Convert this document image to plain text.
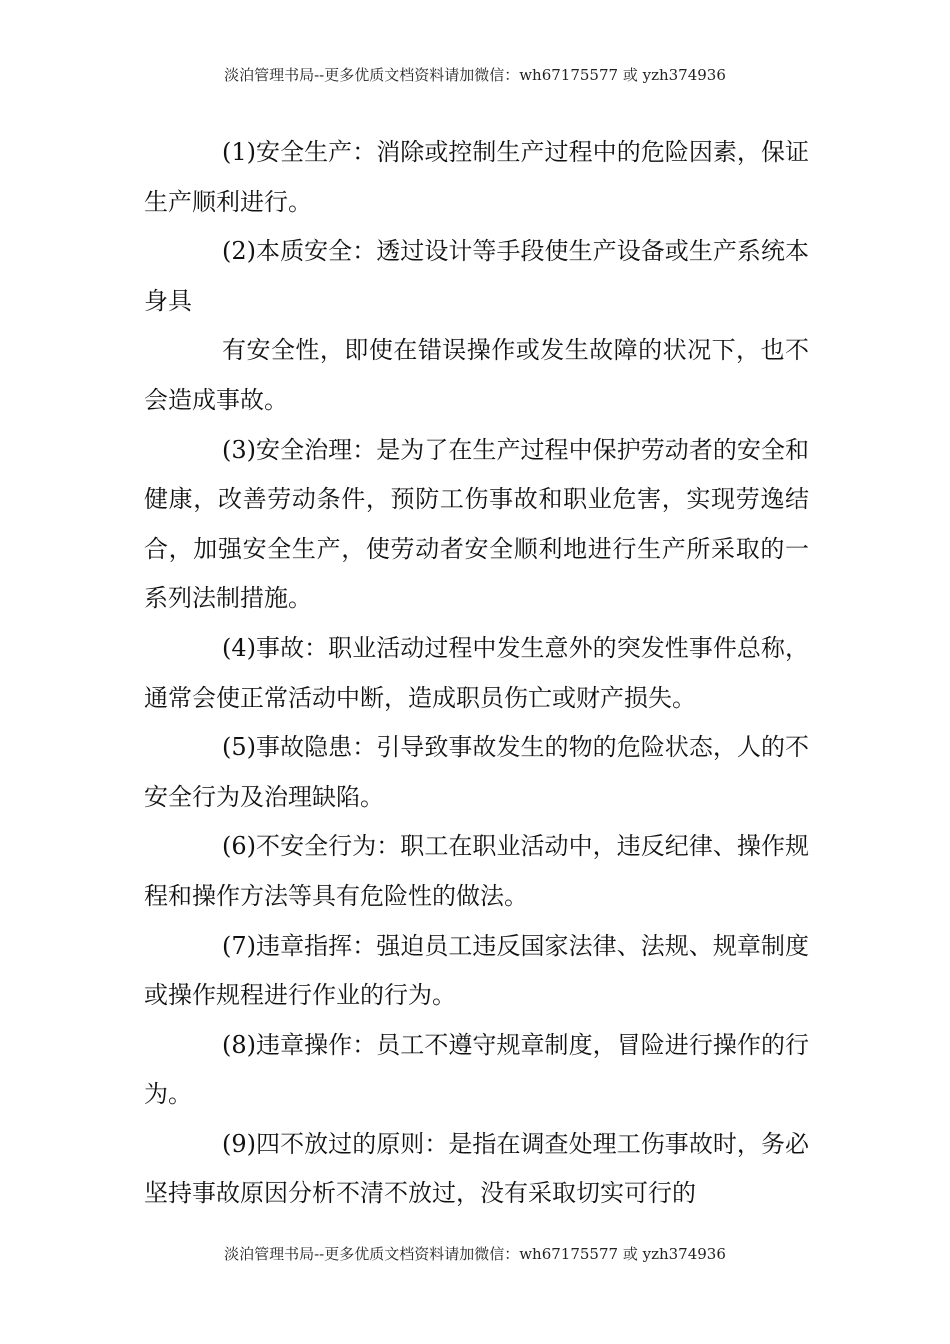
淡泊管理书局--更多优质文档资料请加微信：wh67175577 或 yzh374936

(1)安全生产：消除或控制生产过程中的危险因素，保证生产顺利进行。

(2)本质安全：透过设计等手段使生产设备或生产系统本身具

有安全性，即使在错误操作或发生故障的状况下，也不会造成事故。

(3)安全治理：是为了在生产过程中保护劳动者的安全和健康，改善劳动条件，预防工伤事故和职业危害，实现劳逸结合，加强安全生产，使劳动者安全顺利地进行生产所采取的一系列法制措施。

(4)事故：职业活动过程中发生意外的突发性事件总称，通常会使正常活动中断，造成职员伤亡或财产损失。

(5)事故隐患：引导致事故发生的物的危险状态，人的不安全行为及治理缺陷。

(6)不安全行为：职工在职业活动中，违反纪律、操作规程和操作方法等具有危险性的做法。

(7)违章指挥：强迫员工违反国家法律、法规、规章制度或操作规程进行作业的行为。

(8)违章操作：员工不遵守规章制度，冒险进行操作的行为。

(9)四不放过的原则：是指在调查处理工伤事故时，务必坚持事故原因分析不清不放过，没有采取切实可行的

淡泊管理书局--更多优质文档资料请加微信：wh67175577 或 yzh374936
